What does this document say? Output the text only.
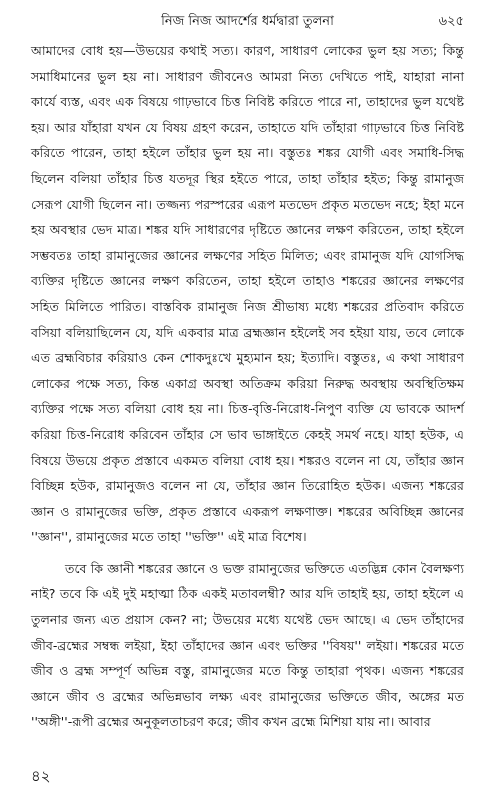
নিজ নিজ আদর্শের ধর্মদ্বারা তুলনা	৬২৫

আমাদের বোধ হয়—উভয়ের কথাই সত্য। কারণ, সাধারণ লোকের ভুল হয় সত্য; কিন্তু সমাধিমানের ভুল হয় না। সাধারণ জীবনেও আমরা নিত্য দেখিতে পাই, যাহারা নানা কার্যে ব্যস্ত, এবং এক বিষয়ে গাঢ়ভাবে চিত্ত নিবিষ্ট করিতে পারে না, তাহাদের ভুল যথেষ্ট হয়। আর যাঁহারা যখন যে বিষয় গ্রহণ করেন, তাহাতে যদি তাঁহারা গাঢ়ভাবে চিত্ত নিবিষ্ট করিতে পারেন, তাহা হইলে তাঁহার ভুল হয় না। বস্তুতঃ শঙ্কর যোগী এবং সমাধি-সিদ্ধ ছিলেন বলিয়া তাঁহার চিত্ত যতদূর স্থির হইতে পারে, তাহা তাঁহার হইত; কিন্তু রামানুজ সেরূপ যোগী ছিলেন না। তজ্জন্য পরস্পরের এরূপ মতভেদ প্রকৃত মতভেদ নহে; ইহা মনে হয় অবস্থার ভেদ মাত্র। শঙ্কর যদি সাধারণের দৃষ্টিতে জ্ঞানের লক্ষণ করিতেন, তাহা হইলে সম্ভবতঃ তাহা রামানুজের জ্ঞানের লক্ষণের সহিত মিলিত; এবং রামানুজ যদি যোগসিদ্ধ ব্যক্তির দৃষ্টিতে জ্ঞানের লক্ষণ করিতেন, তাহা হইলে তাহাও শঙ্করের জ্ঞানের লক্ষণের সহিত মিলিতে পারিত। বাস্তবিক রামানুজ নিজ শ্রীভাষ্য মধ্যে শঙ্করের প্রতিবাদ করিতে বসিয়া বলিয়াছিলেন যে, যদি একবার মাত্র ব্রহ্মজ্ঞান হইলেই সব হইয়া যায়, তবে লোকে এত ব্রহ্মবিচার করিয়াও কেন শোকদুঃখে মুহ্যমান হয়; ইত্যাদি। বস্তুতঃ, এ কথা সাধারণ লোকের পক্ষে সত্য, কিন্ত একাগ্র অবস্থা অতিক্রম করিয়া নিরুদ্ধ অবস্থায় অবস্থিতিক্ষম ব্যক্তির পক্ষে সত্য বলিয়া বোধ হয় না। চিত্ত-বৃত্তি-নিরোধ-নিপুণ ব্যক্তি যে ভাবকে আদর্শ করিয়া চিত্ত-নিরোধ করিবেন তাঁহার সে ভাব ভাঙ্গাইতে কেহই সমর্থ নহে। যাহা হউক, এ বিষয়ে উভয়ে প্রকৃত প্রস্তাবে একমত বলিয়া বোধ হয়। শঙ্করও বলেন না যে, তাঁহার জ্ঞান বিচ্ছিন্ন হউক, রামানুজও বলেন না যে, তাঁহার জ্ঞান তিরোহিত হউক। এজন্য শঙ্করের জ্ঞান ও রামানুজের ভক্তি, প্রকৃত প্রস্তাবে একরূপ লক্ষণাক্ত। শঙ্করের অবিচ্ছিন্ন জ্ঞানের ''জ্ঞান'', রামানুজের মতে তাহা ''ভক্তি'' এই মাত্র বিশেষ।

তবে কি জ্ঞানী শঙ্করের জ্ঞানে ও ভক্ত রামানুজের ভক্তিতে এতদ্ভিন্ন কোন বৈলক্ষণ্য নাই? তবে কি এই দুই মহাত্মা ঠিক একই মতাবলম্বী? আর যদি তাহাই হয়, তাহা হইলে এ তুলনার জন্য এত প্রয়াস কেন? না; উভয়ের মধ্যে যথেষ্ট ভেদ আছে। এ ভেদ তাঁহাদের জীব-ব্রহ্মের সম্বন্ধ লইয়া, ইহা তাঁহাদের জ্ঞান এবং ভক্তির ''বিষয়'' লইয়া। শঙ্করের মতে জীব ও ব্রহ্ম সম্পূর্ণ অভিন্ন বস্তু, রামানুজের মতে কিন্তু তাহারা পৃথক। এজন্য শঙ্করের জ্ঞানে জীব ও ব্রহ্মের অভিন্নভাব লক্ষ্য এবং রামানুজের ভক্তিতে জীব, অঙ্গের মত ''অঙ্গী''-রূপী ব্রহ্মের অনুকূলতাচরণ করে; জীব কখন ব্রহ্মে মিশিয়া যায় না। আবার

৪২
